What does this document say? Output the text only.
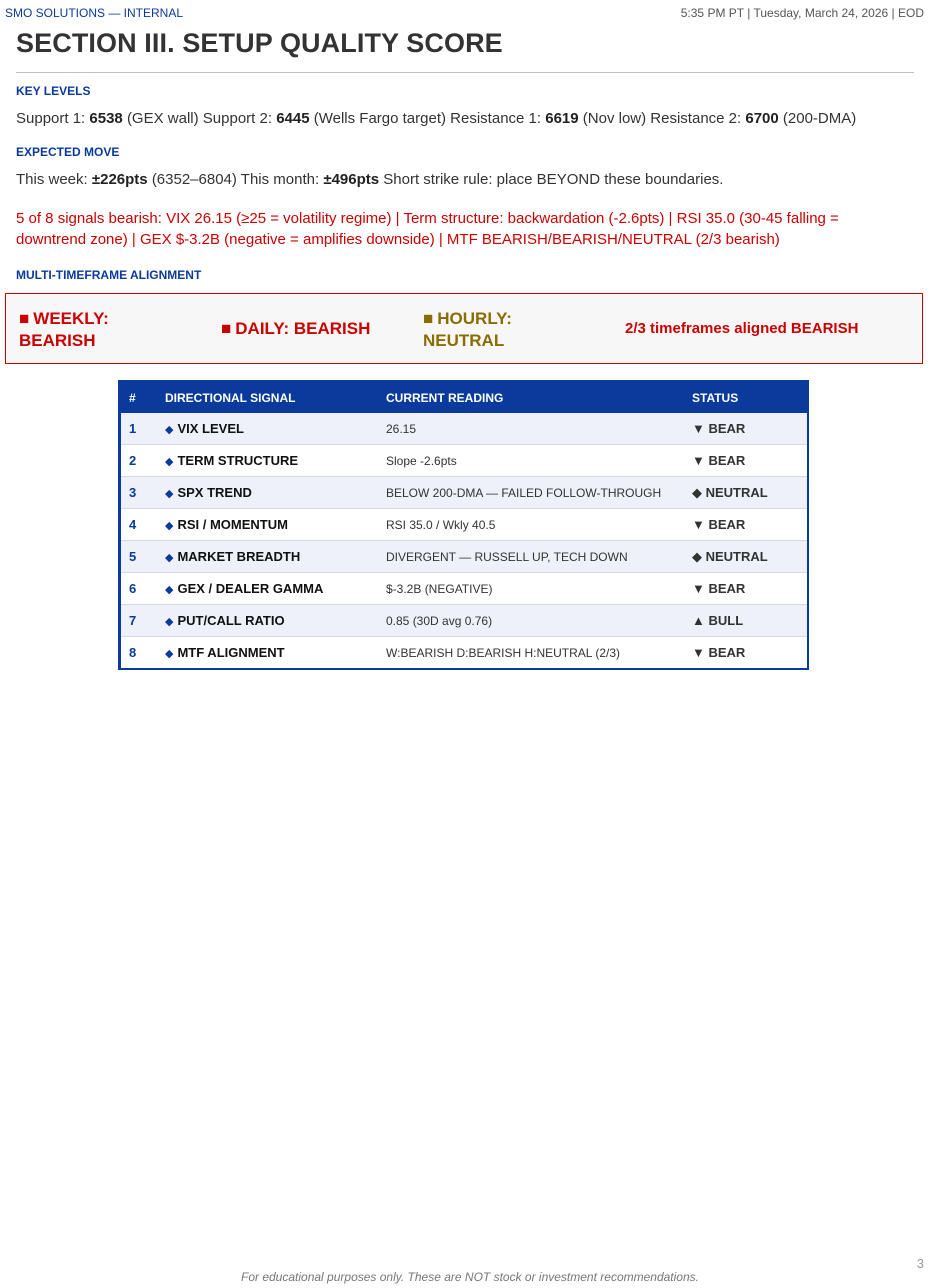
SMO SOLUTIONS — INTERNAL	5:35 PM PT | Tuesday, March 24, 2026 | EOD
SECTION III. SETUP QUALITY SCORE
KEY LEVELS
Support 1: 6538 (GEX wall) Support 2: 6445 (Wells Fargo target) Resistance 1: 6619 (Nov low) Resistance 2: 6700 (200-DMA)
EXPECTED MOVE
This week: ±226pts (6352–6804) This month: ±496pts Short strike rule: place BEYOND these boundaries.
5 of 8 signals bearish: VIX 26.15 (≥25 = volatility regime) | Term structure: backwardation (-2.6pts) | RSI 35.0 (30-45 falling = downtrend zone) | GEX $-3.2B (negative = amplifies downside) | MTF BEARISH/BEARISH/NEUTRAL (2/3 bearish)
MULTI-TIMEFRAME ALIGNMENT
■ WEEKLY: BEARISH
■ DAILY: BEARISH
■ HOURLY: NEUTRAL
2/3 timeframes aligned BEARISH
#	DIRECTIONAL SIGNAL	CURRENT READING	STATUS
1	◆ VIX LEVEL	26.15	▼ BEAR
2	◆ TERM STRUCTURE	Slope -2.6pts	▼ BEAR
3	◆ SPX TREND	BELOW 200-DMA — FAILED FOLLOW-THROUGH	◆ NEUTRAL
4	◆ RSI / MOMENTUM	RSI 35.0 / Wkly 40.5	▼ BEAR
5	◆ MARKET BREADTH	DIVERGENT — RUSSELL UP, TECH DOWN	◆ NEUTRAL
6	◆ GEX / DEALER GAMMA	$-3.2B (NEGATIVE)	▼ BEAR
7	◆ PUT/CALL RATIO	0.85 (30D avg 0.76)	▲ BULL
8	◆ MTF ALIGNMENT	W:BEARISH D:BEARISH H:NEUTRAL (2/3)	▼ BEAR
3
For educational purposes only. These are NOT stock or investment recommendations.
